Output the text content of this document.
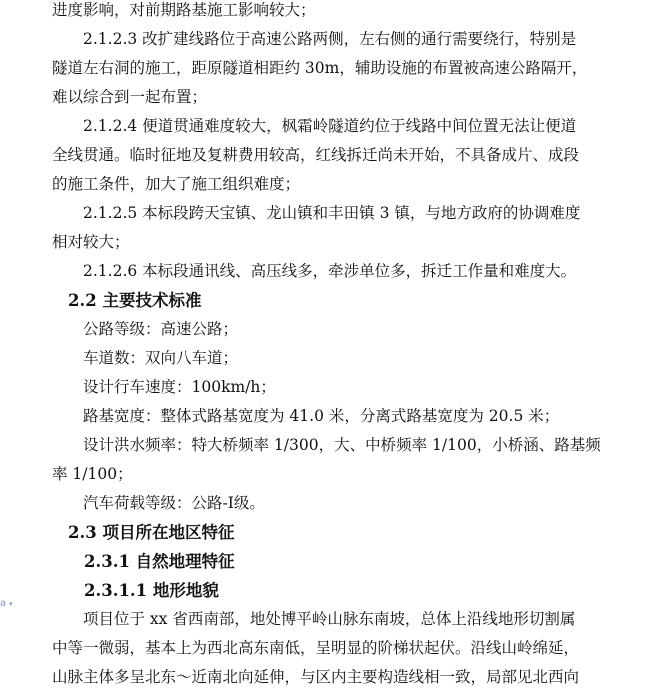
进度影响，对前期路基施工影响较大；
2.1.2.3 改扩建线路位于高速公路两侧，左右侧的通行需要绕行，特别是
隧道左右洞的施工，距原隧道相距约 30m，辅助设施的布置被高速公路隔开，
难以综合到一起布置；
2.1.2.4 便道贯通难度较大，枫霜岭隧道约位于线路中间位置无法让便道
全线贯通。临时征地及复耕费用较高，红线拆迁尚未开始，不具备成片、成段
的施工条件，加大了施工组织难度；
2.1.2.5 本标段跨天宝镇、龙山镇和丰田镇 3 镇，与地方政府的协调难度
相对较大；
2.1.2.6 本标段通讯线、高压线多，牵涉单位多，拆迁工作量和难度大。
2.2 主要技术标准
公路等级：高速公路；
车道数：双向八车道；
设计行车速度：100km/h；
路基宽度：整体式路基宽度为 41.0 米，分离式路基宽度为 20.5 米；
设计洪水频率：特大桥频率 1/300，大、中桥频率 1/100，小桥涵、路基频
率 1/100；
汽车荷载等级：公路-Ⅰ级。
2.3 项目所在地区特征
2.3.1 自然地理特征
2.3.1.1 地形地貌
项目位于 xx 省西南部，地处博平岭山脉东南坡，总体上沿线地形切割属
中等一微弱，基本上为西北高东南低，呈明显的阶梯状起伏。沿线山岭绵延，
山脉主体多呈北东～近南北向延伸，与区内主要构造线相一致，局部见北西向
a ▾
